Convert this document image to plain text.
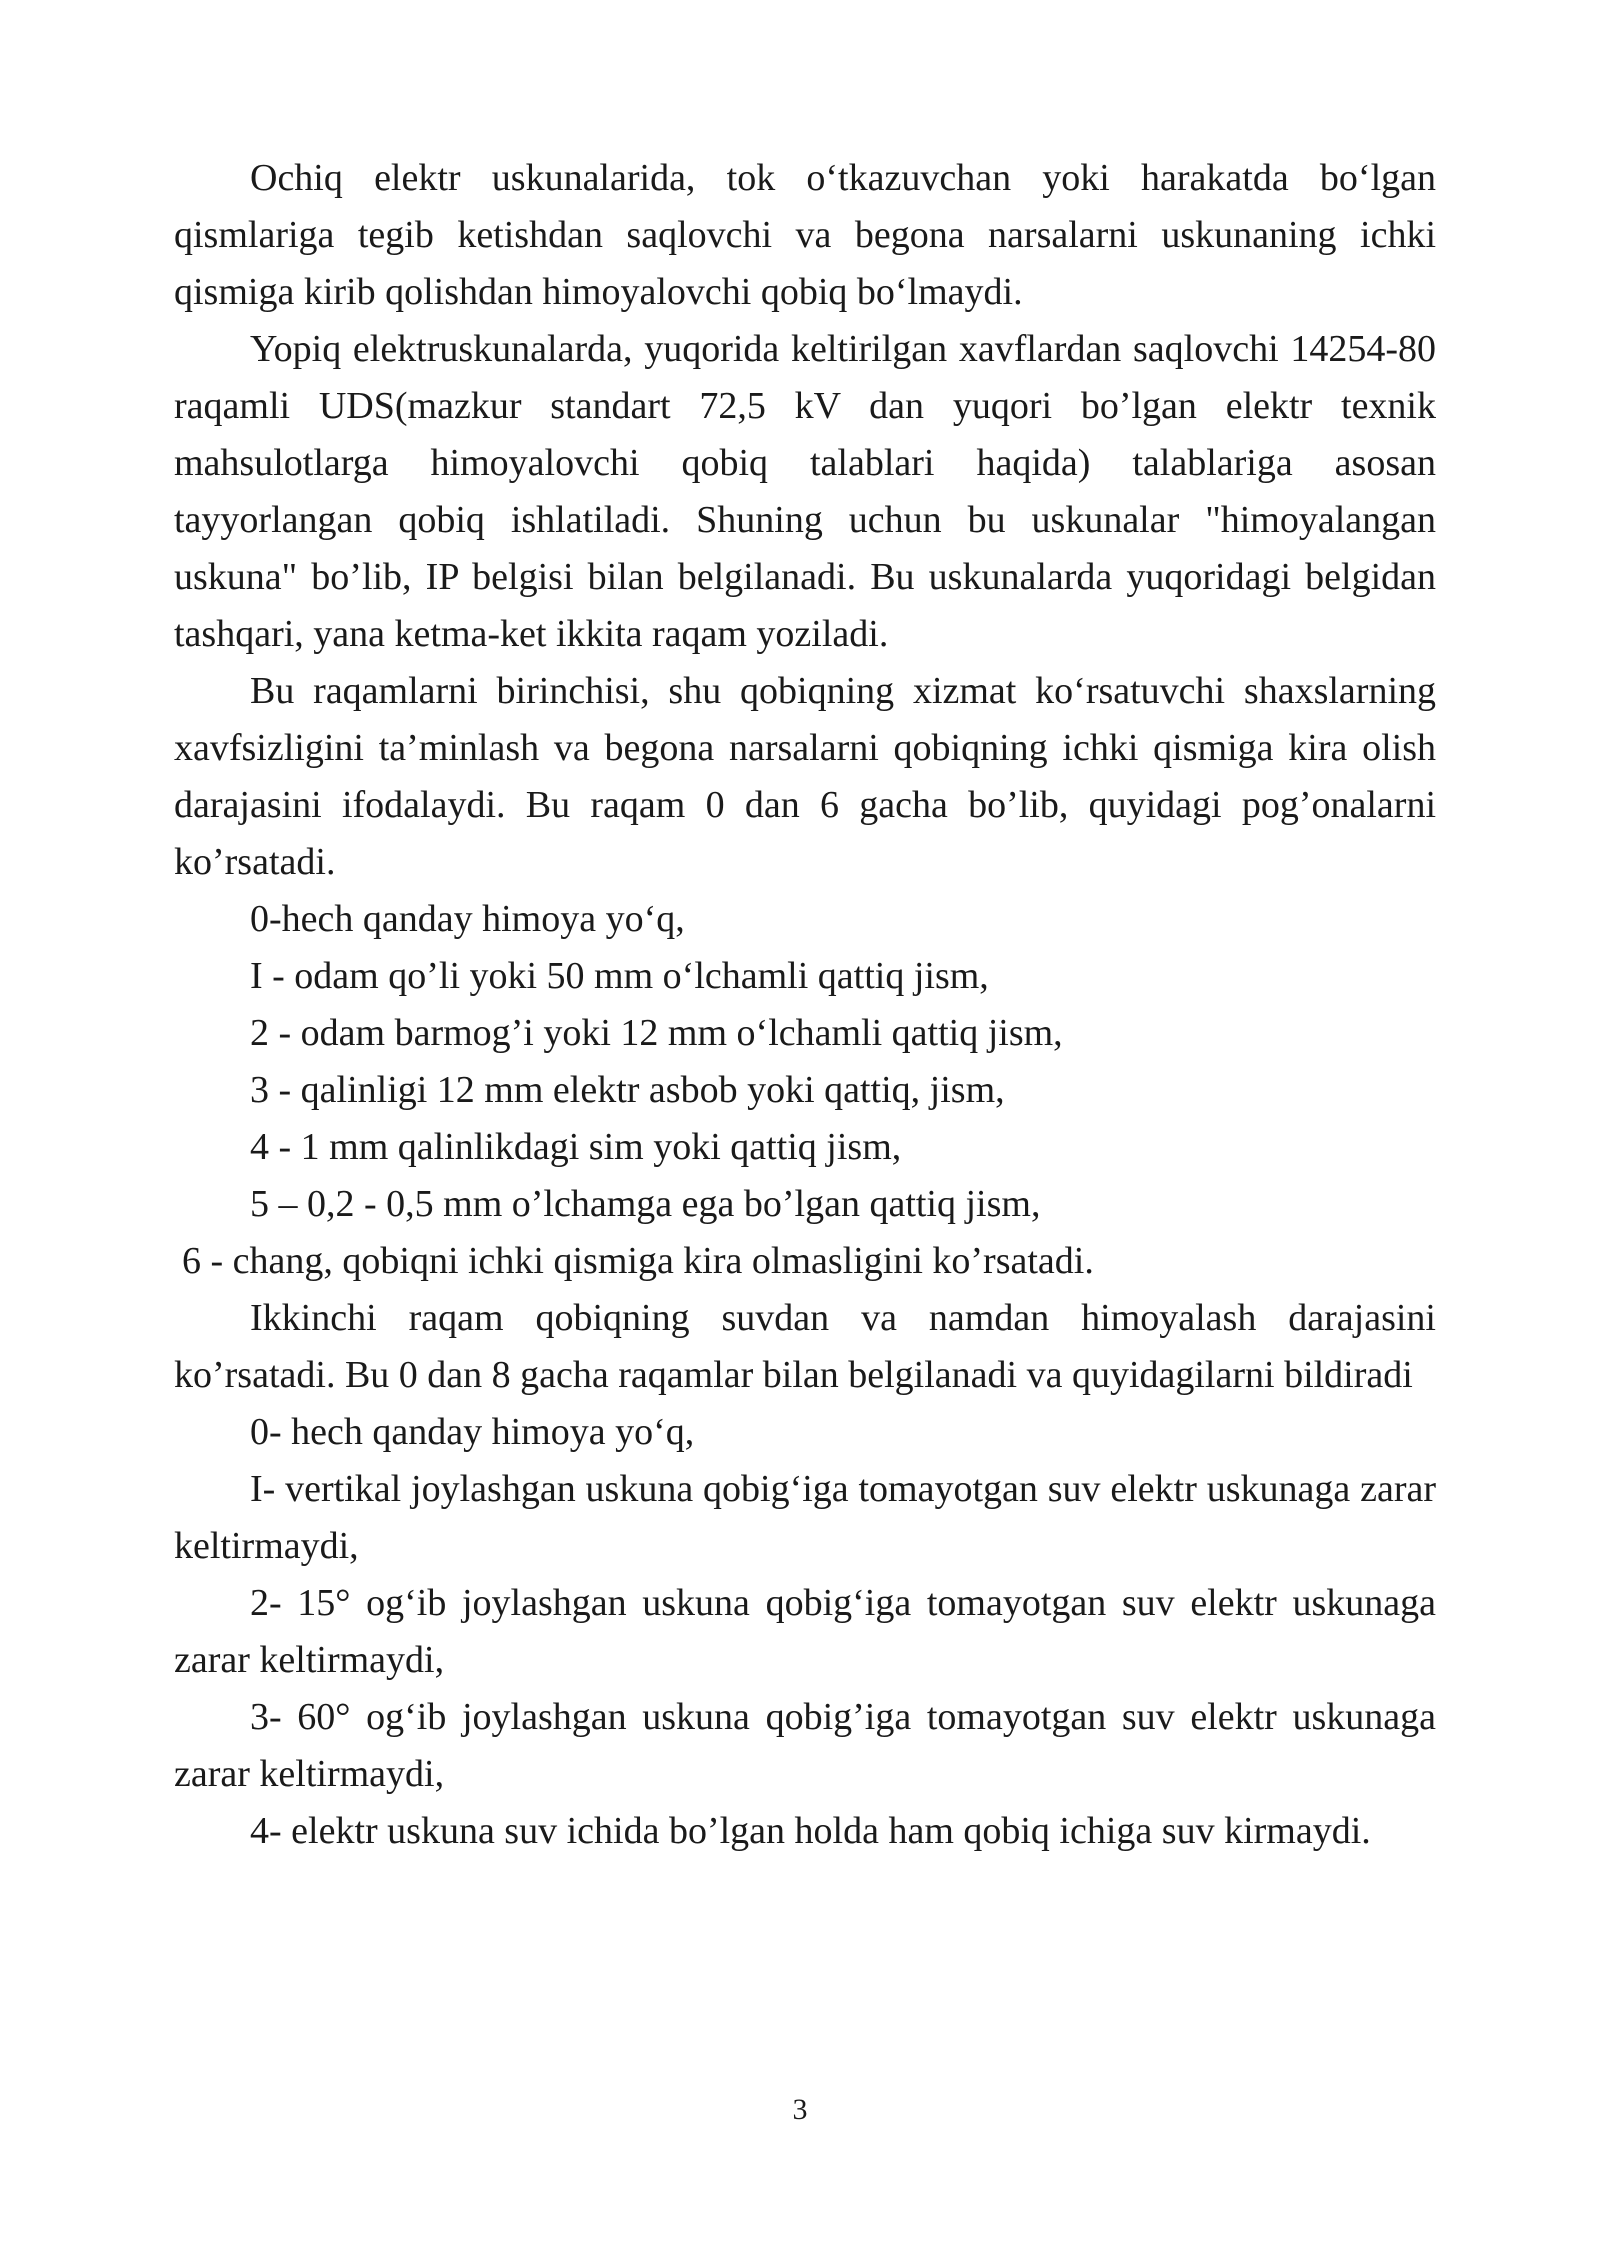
Ochiq elektr uskunalarida, tok o‘tkazuvchan yoki harakatda bo‘lgan qismlariga tegib ketishdan saqlovchi va begona narsalarni uskunaning ichki qismiga kirib qolishdan himoyalovchi qobiq bo‘lmaydi.

Yopiq elektruskunalarda, yuqorida keltirilgan xavflardan saqlovchi 14254-80 raqamli UDS(mazkur standart 72,5 kV dan yuqori bo’lgan elektr texnik mahsulotlarga himoyalovchi qobiq talablari haqida) talablariga asosan tayyorlangan qobiq ishlatiladi. Shuning uchun bu uskunalar "himoyalangan uskuna" bo’lib, IP belgisi bilan belgilanadi. Bu uskunalarda yuqoridagi belgidan tashqari, yana ketma-ket ikkita raqam yoziladi.

Bu raqamlarni birinchisi, shu qobiqning xizmat ko‘rsatuvchi shaxslarning xavfsizligini ta’minlash va begona narsalarni qobiqning ichki qismiga kira olish darajasini ifodalaydi. Bu raqam 0 dan 6 gacha bo’lib, quyidagi pog’onalarni ko’rsatadi.

0-hech qanday himoya yo‘q,

I - odam qo’li yoki 50 mm o‘lchamli qattiq jism,

2 - odam barmog’i yoki 12 mm o‘lchamli qattiq jism,

3 - qalinligi 12 mm elektr asbob yoki qattiq, jism,

4 - 1 mm qalinlikdagi sim yoki qattiq jism,

5 – 0,2 - 0,5 mm o’lchamga ega bo’lgan qattiq jism,

6 - chang, qobiqni ichki qismiga kira olmasligini ko’rsatadi.

Ikkinchi raqam qobiqning suvdan va namdan himoyalash darajasini ko’rsatadi. Bu 0 dan 8 gacha raqamlar bilan belgilanadi va quyidagilarni bildiradi

0- hech qanday himoya yo‘q,

I- vertikal joylashgan uskuna qobig‘iga tomayotgan suv elektr uskunaga zarar keltirmaydi,

2- 15° og‘ib joylashgan uskuna qobig‘iga tomayotgan suv elektr uskunaga zarar keltirmaydi,

3- 60° og‘ib joylashgan uskuna qobig’iga tomayotgan suv elektr uskunaga zarar keltirmaydi,

4- elektr uskuna suv ichida bo’lgan holda ham qobiq ichiga suv kirmaydi.

3
